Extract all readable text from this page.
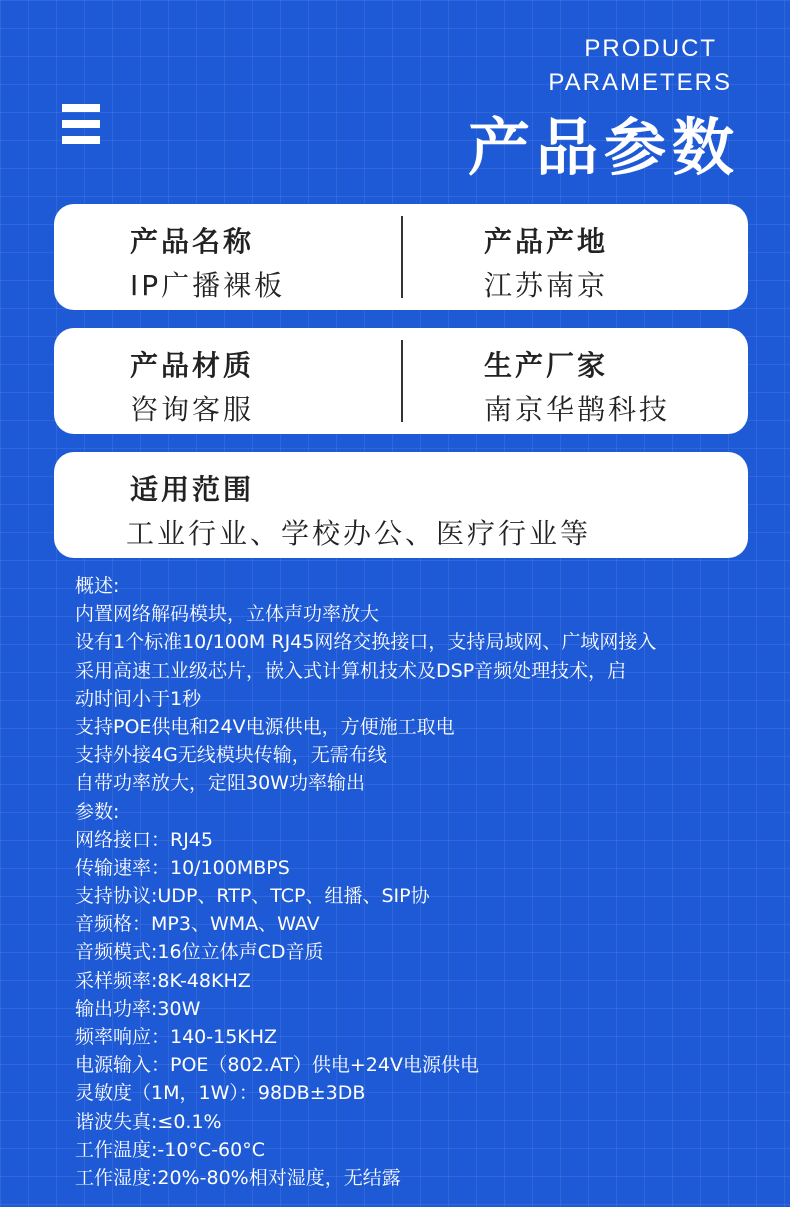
PRODUCT
PARAMETERS
产品参数
产品名称
IP广播裸板
产品产地
江苏南京
产品材质
咨询客服
生产厂家
南京华鹊科技
适用范围
工业行业、学校办公、医疗行业等
概述:
内置网络解码模块，立体声功率放大
设有1个标准10/100M RJ45网络交换接口，支持局域网、广域网接入
采用高速工业级芯片，嵌入式计算机技术及DSP音频处理技术，启
动时间小于1秒
支持POE供电和24V电源供电，方便施工取电
支持外接4G无线模块传输，无需布线
自带功率放大，定阻30W功率输出
参数:
网络接口：RJ45
传输速率：10/100MBPS
支持协议:UDP、RTP、TCP、组播、SIP协
音频格：MP3、WMA、WAV
音频模式:16位立体声CD音质
采样频率:8K-48KHZ
输出功率:30W
频率响应：140-15KHZ
电源输入：POE（802.AT）供电+24V电源供电
灵敏度（1M，1W）：98DB±3DB
谐波失真:≤0.1%
工作温度:-10°C-60°C
工作湿度:20%-80%相对湿度，无结露
